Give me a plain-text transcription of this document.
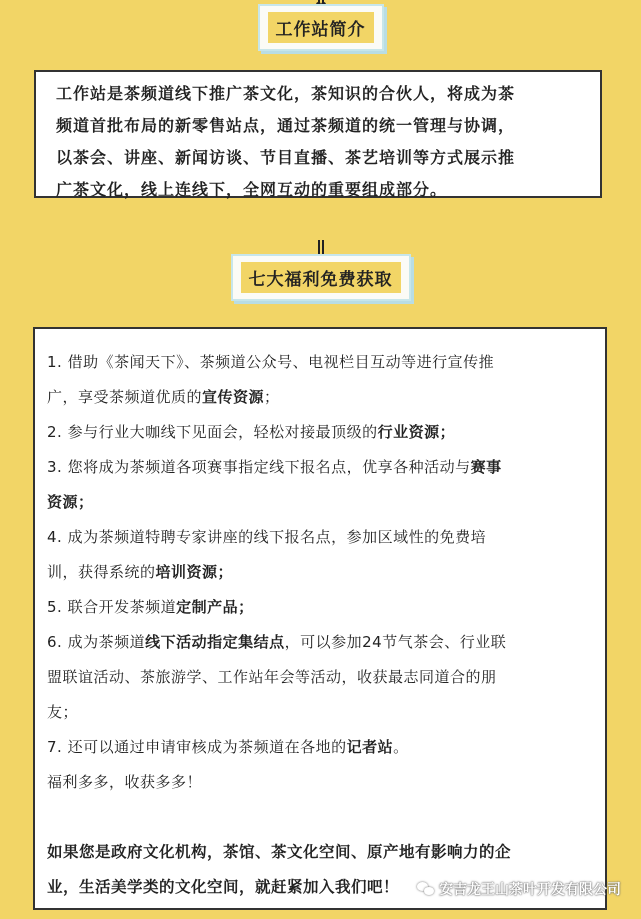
工作站简介

工作站是茶频道线下推广茶文化，茶知识的合伙人，将成为茶

频道首批布局的新零售站点，通过茶频道的统一管理与协调，

以茶会、讲座、新闻访谈、节目直播、茶艺培训等方式展示推

广茶文化，线上连线下，全网互动的重要组成部分。

七大福利免费获取

1. 借助《茶闻天下》、茶频道公众号、电视栏目互动等进行宣传推
广，享受茶频道优质的宣传资源；

2. 参与行业大咖线下见面会，轻松对接最顶级的行业资源；

3. 您将成为茶频道各项赛事指定线下报名点，优享各种活动与赛事
资源；

4. 成为茶频道特聘专家讲座的线下报名点，参加区域性的免费培
训，获得系统的培训资源；

5. 联合开发茶频道定制产品；

6. 成为茶频道线下活动指定集结点，可以参加24节气茶会、行业联
盟联谊活动、茶旅游学、工作站年会等活动，收获最志同道合的朋
友；

7. 还可以通过申请审核成为茶频道在各地的记者站。

福利多多，收获多多！

如果您是政府文化机构，茶馆、茶文化空间、原产地有影响力的企
业，生活美学类的文化空间，就赶紧加入我们吧！	安吉龙王山茶叶开发有限公司
